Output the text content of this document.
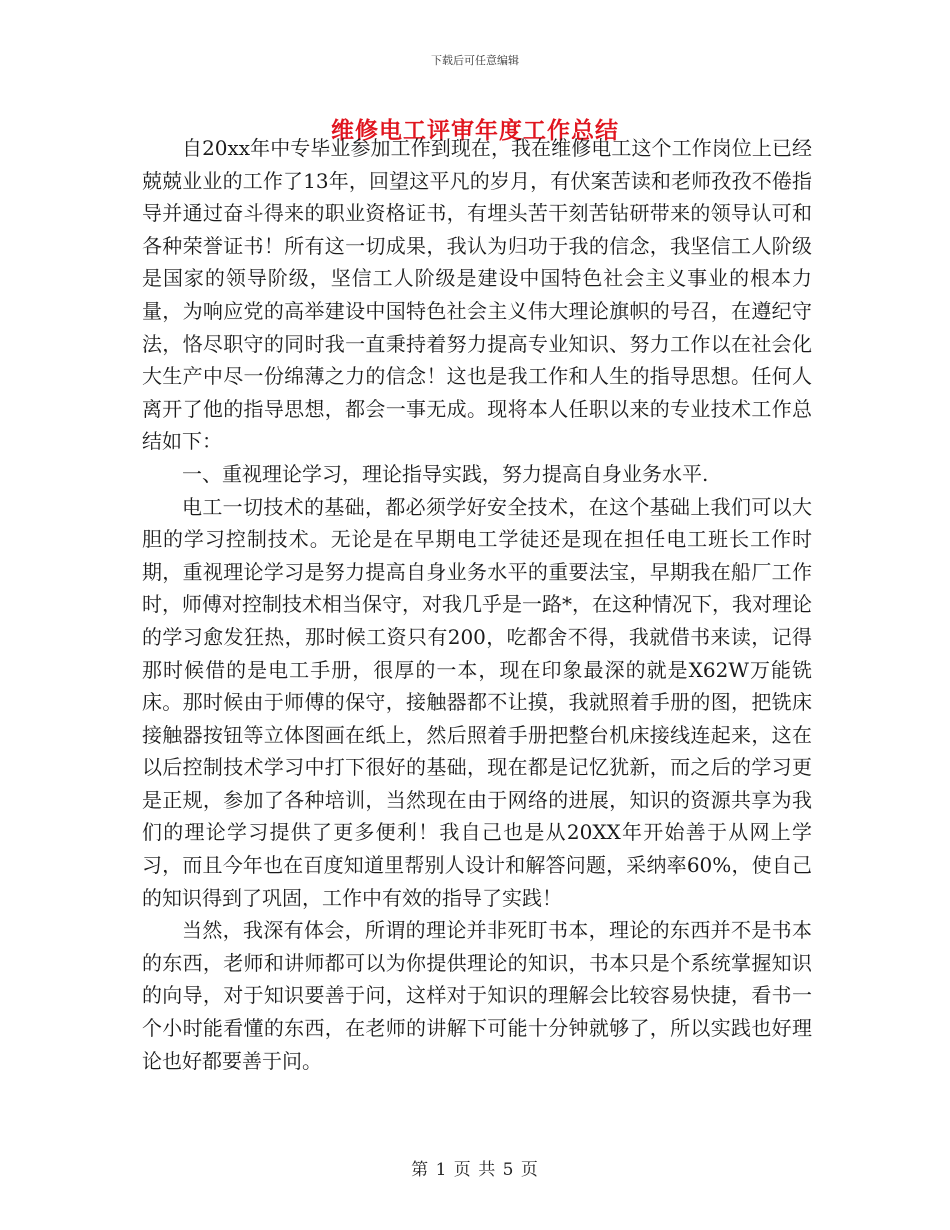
下载后可任意编辑
维修电工评审年度工作总结

自20xx年中专毕业参加工作到现在，我在维修电工这个工作岗位上已经兢兢业业的工作了13年，回望这平凡的岁月，有伏案苦读和老师孜孜不倦指导并通过奋斗得来的职业资格证书，有埋头苦干刻苦钻研带来的领导认可和各种荣誉证书！所有这一切成果，我认为归功于我的信念，我坚信工人阶级是国家的领导阶级，坚信工人阶级是建设中国特色社会主义事业的根本力量，为响应党的高举建设中国特色社会主义伟大理论旗帜的号召，在遵纪守法，恪尽职守的同时我一直秉持着努力提高专业知识、努力工作以在社会化大生产中尽一份绵薄之力的信念！这也是我工作和人生的指导思想。任何人离开了他的指导思想，都会一事无成。现将本人任职以来的专业技术工作总结如下：

一、重视理论学习，理论指导实践，努力提高自身业务水平.

电工一切技术的基础，都必须学好安全技术，在这个基础上我们可以大胆的学习控制技术。无论是在早期电工学徒还是现在担任电工班长工作时期，重视理论学习是努力提高自身业务水平的重要法宝，早期我在船厂工作时，师傅对控制技术相当保守，对我几乎是一路*，在这种情况下，我对理论的学习愈发狂热，那时候工资只有200，吃都舍不得，我就借书来读，记得那时候借的是电工手册，很厚的一本，现在印象最深的就是X62W万能铣床。那时候由于师傅的保守，接触器都不让摸，我就照着手册的图，把铣床接触器按钮等立体图画在纸上，然后照着手册把整台机床接线连起来，这在以后控制技术学习中打下很好的基础，现在都是记忆犹新，而之后的学习更是正规，参加了各种培训，当然现在由于网络的进展，知识的资源共享为我们的理论学习提供了更多便利！我自己也是从20XX年开始善于从网上学习，而且今年也在百度知道里帮别人设计和解答问题，采纳率60%，使自己的知识得到了巩固，工作中有效的指导了实践！

当然，我深有体会，所谓的理论并非死盯书本，理论的东西并不是书本的东西，老师和讲师都可以为你提供理论的知识，书本只是个系统掌握知识的向导，对于知识要善于问，这样对于知识的理解会比较容易快捷，看书一个小时能看懂的东西，在老师的讲解下可能十分钟就够了，所以实践也好理论也好都要善于问。

第 1 页 共 5 页
